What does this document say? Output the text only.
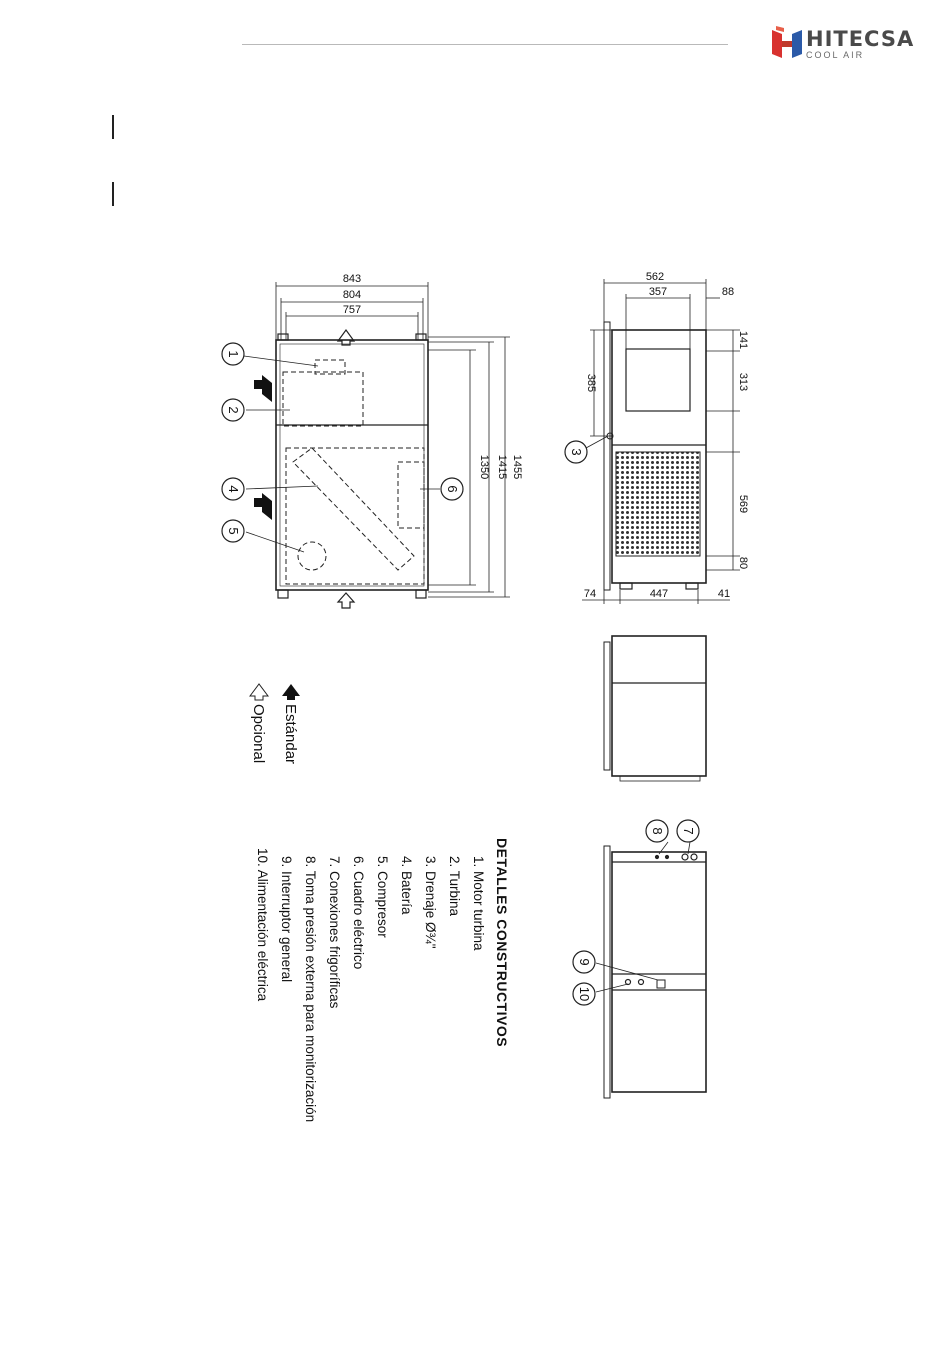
HITECSA
COOL AIR
843
804
757
1350 1415 1455
1
2
4
5
6
562
357	88
385
141
313
569
80
74	447	41
3
8 7
9
10
Estándar
Opcional
DETALLES CONSTRUCTIVOS
1. Motor turbina
2. Turbina
3. Drenaje Ø¾"
4. Batería
5. Compresor
6. Cuadro eléctrico
7. Conexiones frigoríficas
8. Toma presión externa para monitorización
9. Interruptor general
10. Alimentación eléctrica
